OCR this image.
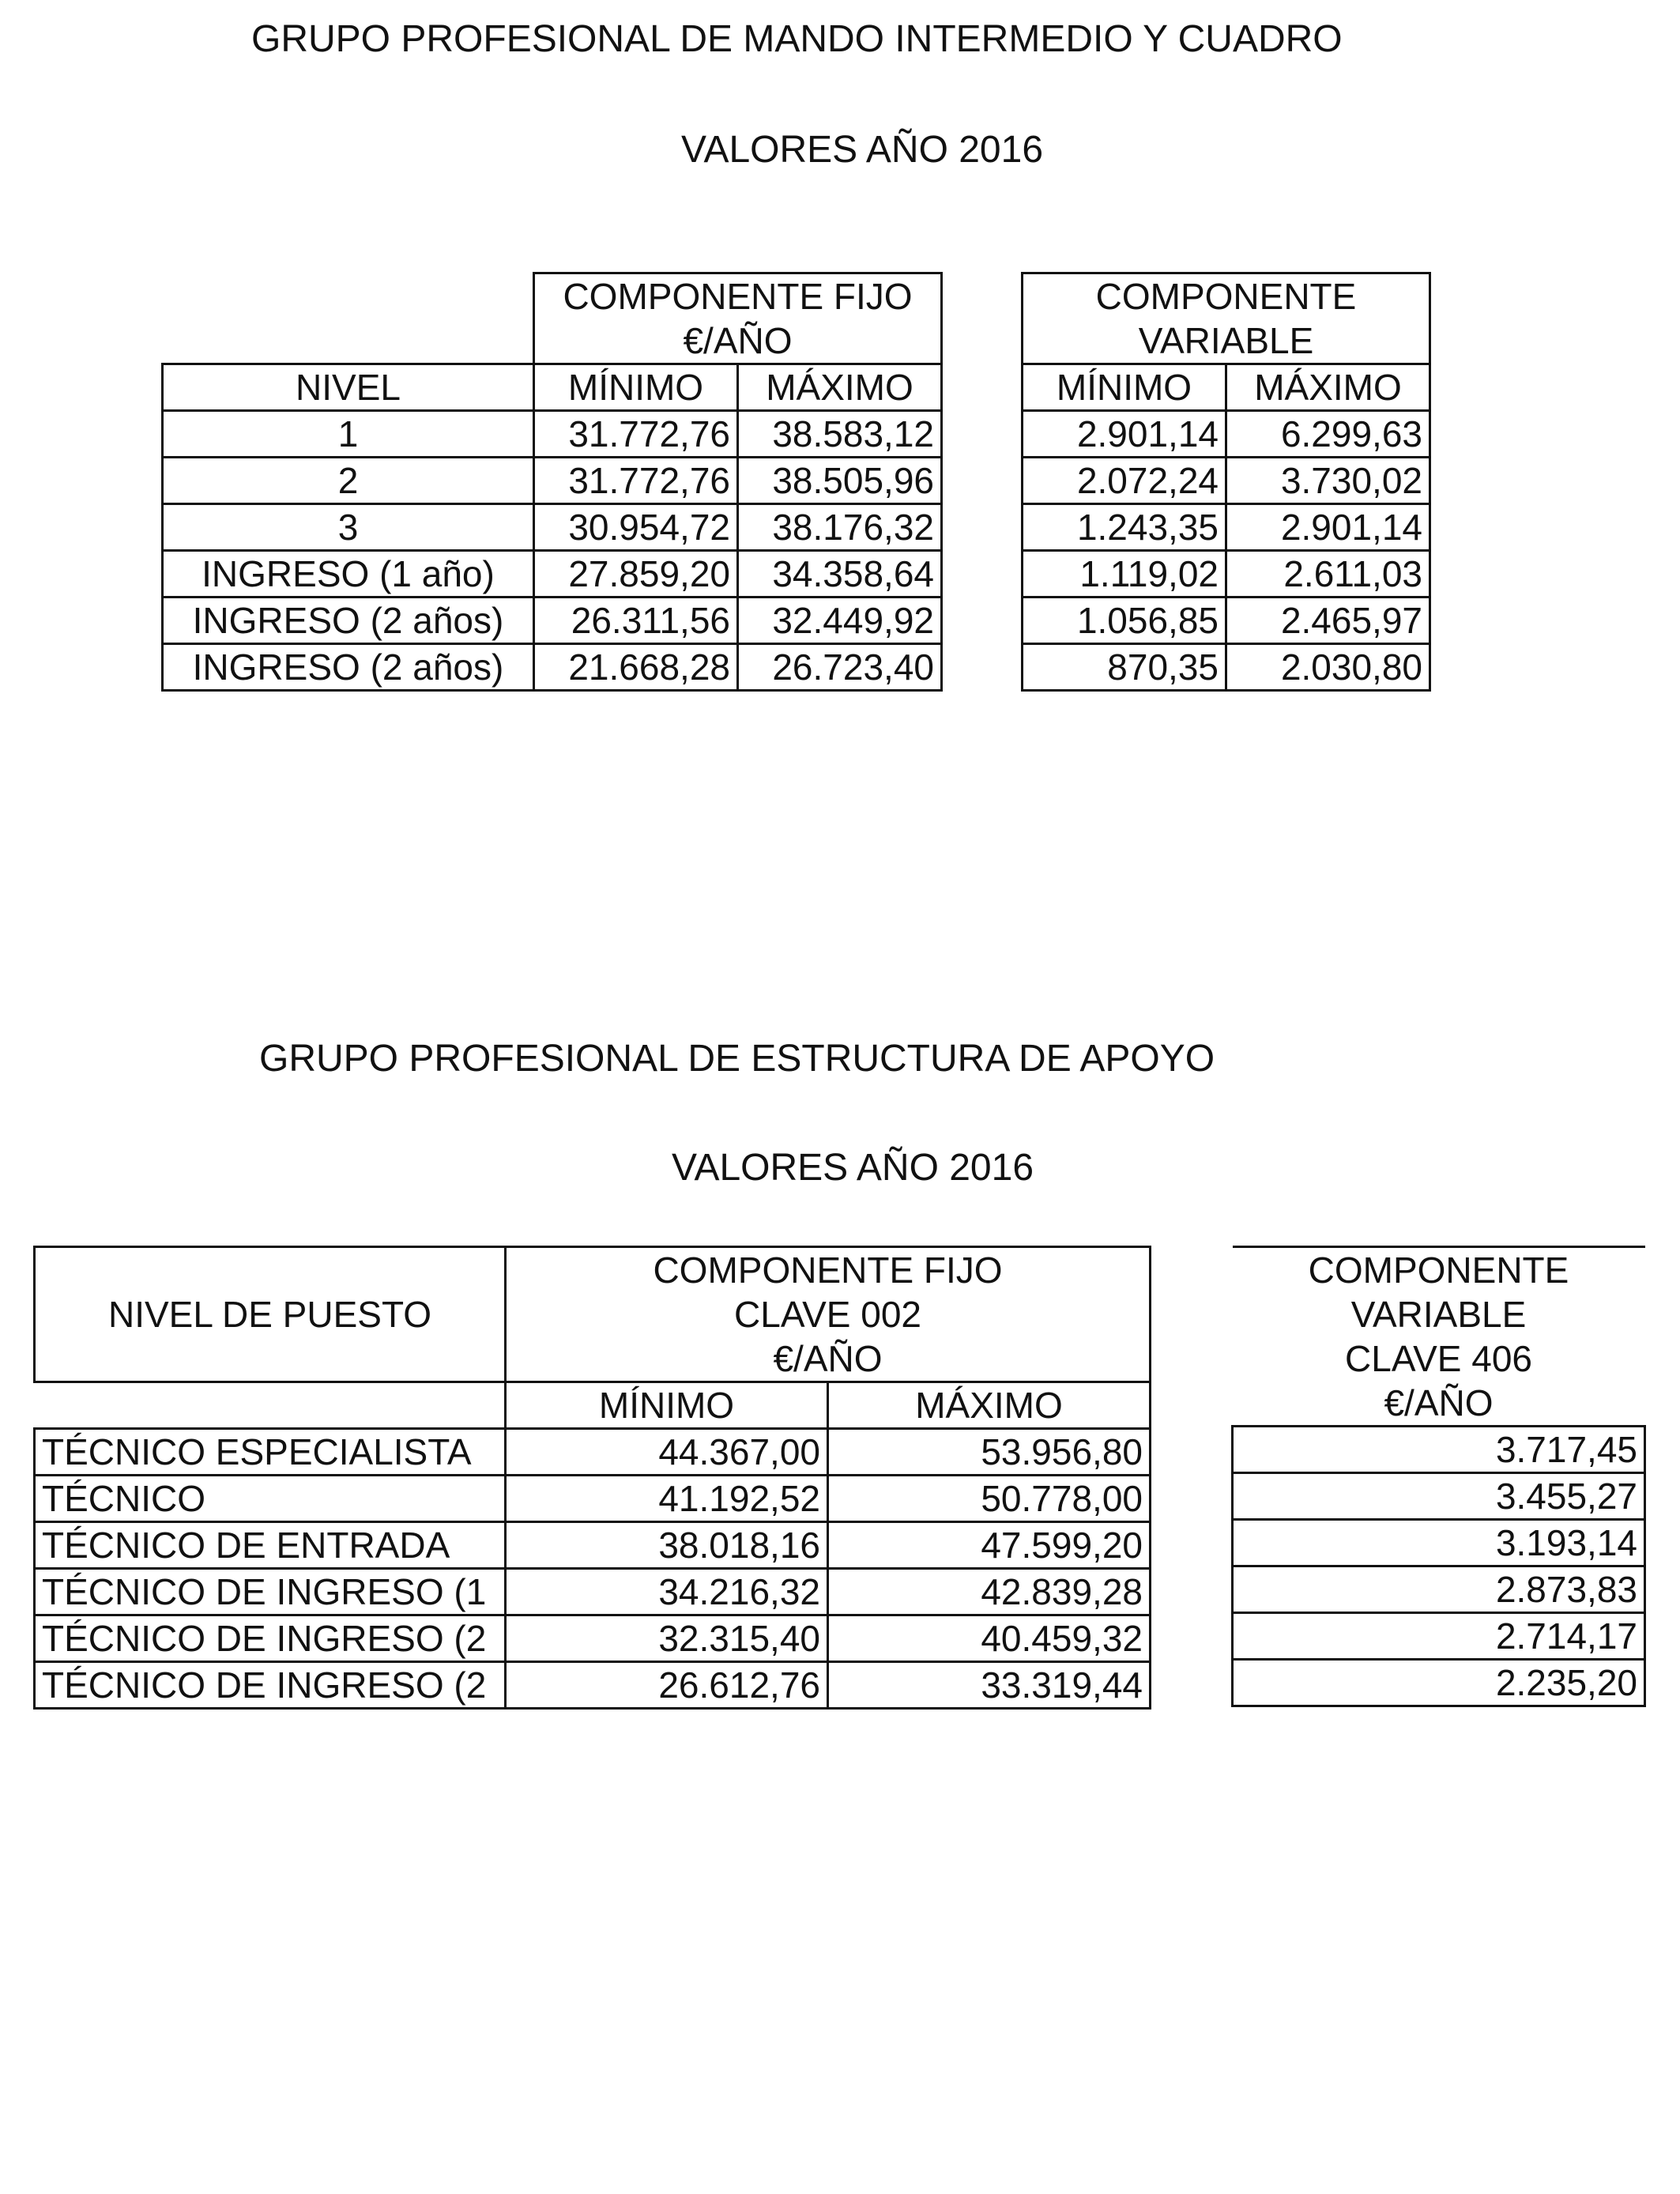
GRUPO PROFESIONAL DE MANDO INTERMEDIO Y CUADRO
VALORES AÑO 2016
	COMPONENTE FIJO	
	€/AÑO	
NIVEL	MÍNIMO	MÁXIMO
1	31.772,76	38.583,12
2	31.772,76	38.505,96
3	30.954,72	38.176,32
INGRESO (1 año)	27.859,20	34.358,64
INGRESO (2 años)	26.311,56	32.449,92
INGRESO (2 años)	21.668,28	26.723,40
COMPONENTE	
VARIABLE	
MÍNIMO	MÁXIMO
2.901,14	6.299,63
2.072,24	3.730,02
1.243,35	2.901,14
1.119,02	2.611,03
1.056,85	2.465,97
870,35	2.030,80
GRUPO PROFESIONAL DE ESTRUCTURA DE APOYO
VALORES AÑO 2016
NIVEL DE PUESTO	COMPONENTE FIJO	
	CLAVE 002	
	€/AÑO	
	MÍNIMO	MÁXIMO
TÉCNICO ESPECIALISTA	44.367,00	53.956,80
TÉCNICO	41.192,52	50.778,00
TÉCNICO DE ENTRADA	38.018,16	47.599,20
TÉCNICO DE INGRESO (1	34.216,32	42.839,28
TÉCNICO DE INGRESO (2	32.315,40	40.459,32
TÉCNICO DE INGRESO (2	26.612,76	33.319,44
COMPONENTE
VARIABLE
CLAVE 406
€/AÑO
3.717,45
3.455,27
3.193,14
2.873,83
2.714,17
2.235,20
